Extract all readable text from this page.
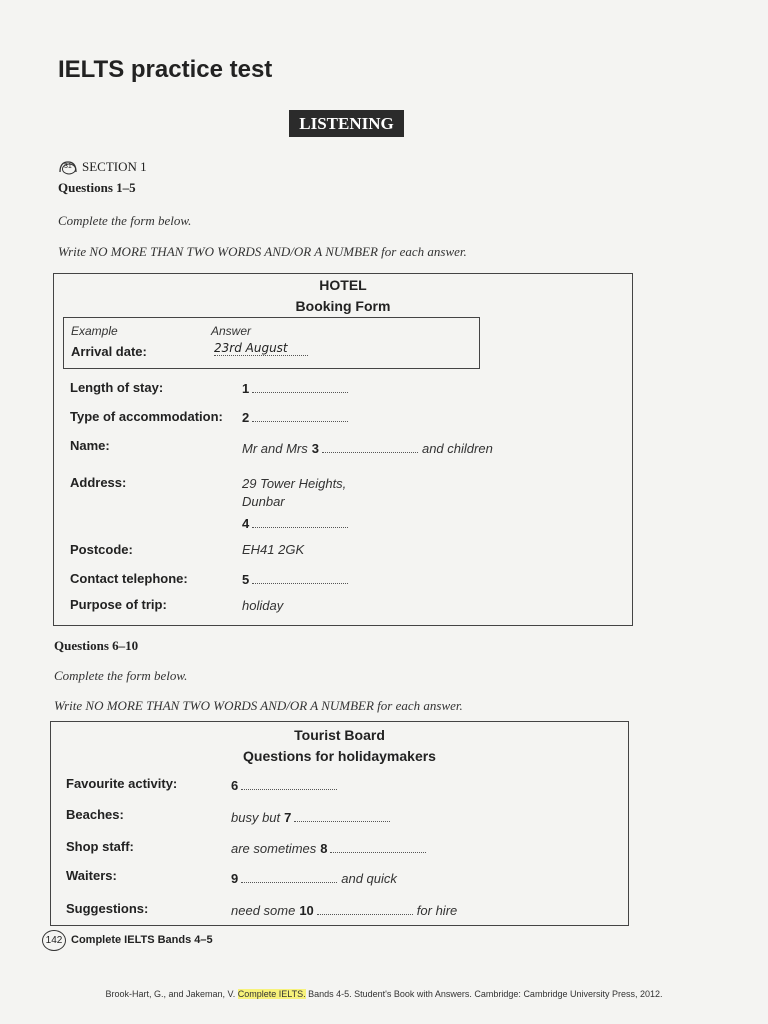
IELTS practice test
LISTENING
31 SECTION 1
Questions 1–5
Complete the form below.
Write NO MORE THAN TWO WORDS AND/OR A NUMBER for each answer.
HOTEL
Booking Form
Example	Answer
Arrival date:	23rd August
Length of stay:	1
Type of accommodation: 2
Name:	Mr and Mrs 3	and children
Address:	29 Tower Heights,
Dunbar
4
Postcode:	EH41 2GK
Contact telephone:	5
Purpose of trip:	holiday
Questions 6–10
Complete the form below.
Write NO MORE THAN TWO WORDS AND/OR A NUMBER for each answer.
Tourist Board
Questions for holidaymakers
Favourite activity:	6
Beaches:	busy but 7
Shop staff:	are sometimes 8
Waiters:	9	and quick
Suggestions:	need some 10	for hire
142 Complete IELTS Bands 4–5
Brook-Hart, G., and Jakeman, V. Complete IELTS. Bands 4-5. Student's Book with Answers. Cambridge: Cambridge University Press, 2012.
